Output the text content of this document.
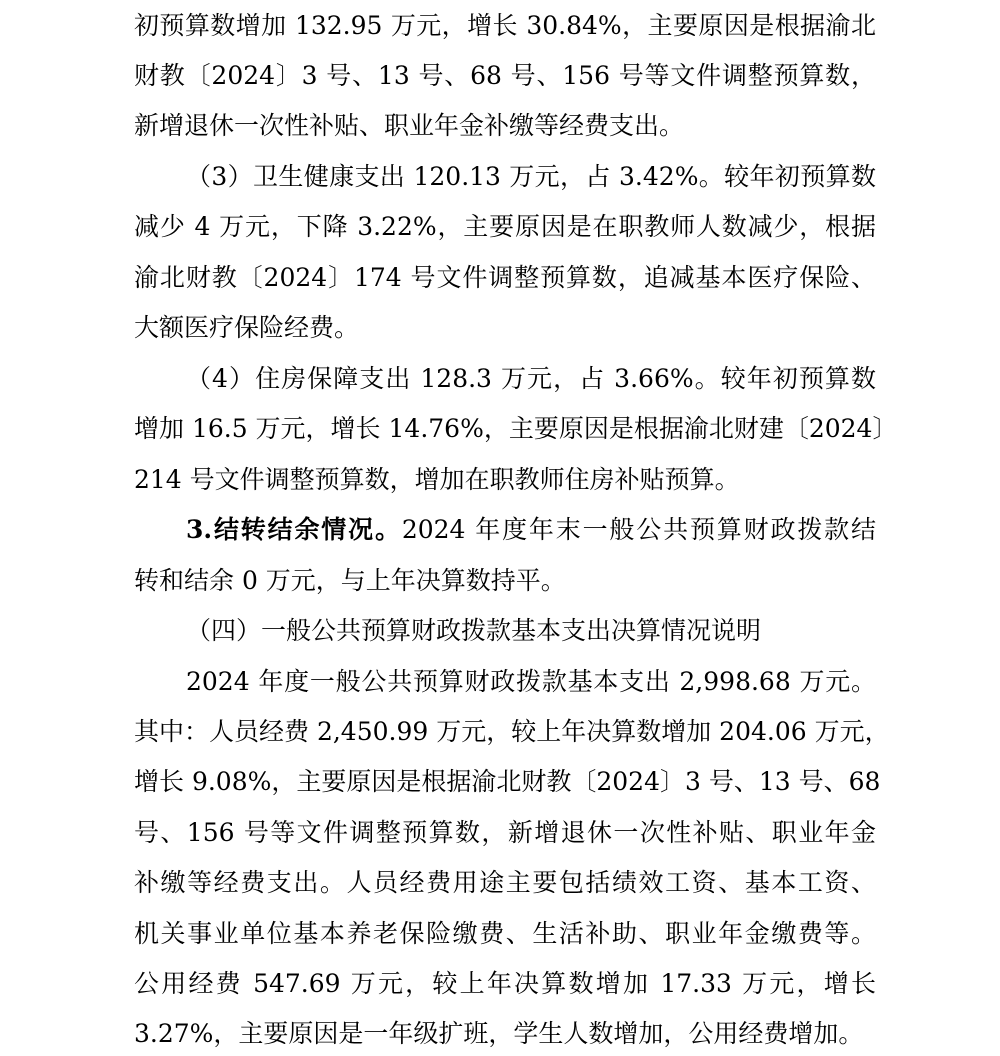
初预算数增加 132.95 万元，增长 30.84%，主要原因是根据渝北
财教〔2024〕3 号、13 号、68 号、156 号等文件调整预算数，
新增退休一次性补贴、职业年金补缴等经费支出。
（3）卫生健康支出 120.13 万元，占 3.42%。较年初预算数
减少 4 万元，下降 3.22%，主要原因是在职教师人数减少，根据
渝北财教〔2024〕174 号文件调整预算数，追减基本医疗保险、
大额医疗保险经费。
（4）住房保障支出 128.3 万元，占 3.66%。较年初预算数
增加 16.5 万元，增长 14.76%，主要原因是根据渝北财建〔2024〕
214 号文件调整预算数，增加在职教师住房补贴预算。
3.结转结余情况。2024 年度年末一般公共预算财政拨款结
转和结余 0 万元，与上年决算数持平。
（四）一般公共预算财政拨款基本支出决算情况说明
2024 年度一般公共预算财政拨款基本支出 2,998.68 万元。
其中：人员经费 2,450.99 万元，较上年决算数增加 204.06 万元，
增长 9.08%，主要原因是根据渝北财教〔2024〕3 号、13 号、68
号、156 号等文件调整预算数，新增退休一次性补贴、职业年金
补缴等经费支出。人员经费用途主要包括绩效工资、基本工资、
机关事业单位基本养老保险缴费、生活补助、职业年金缴费等。
公用经费 547.69 万元，较上年决算数增加 17.33 万元，增长
3.27%，主要原因是一年级扩班，学生人数增加，公用经费增加。
